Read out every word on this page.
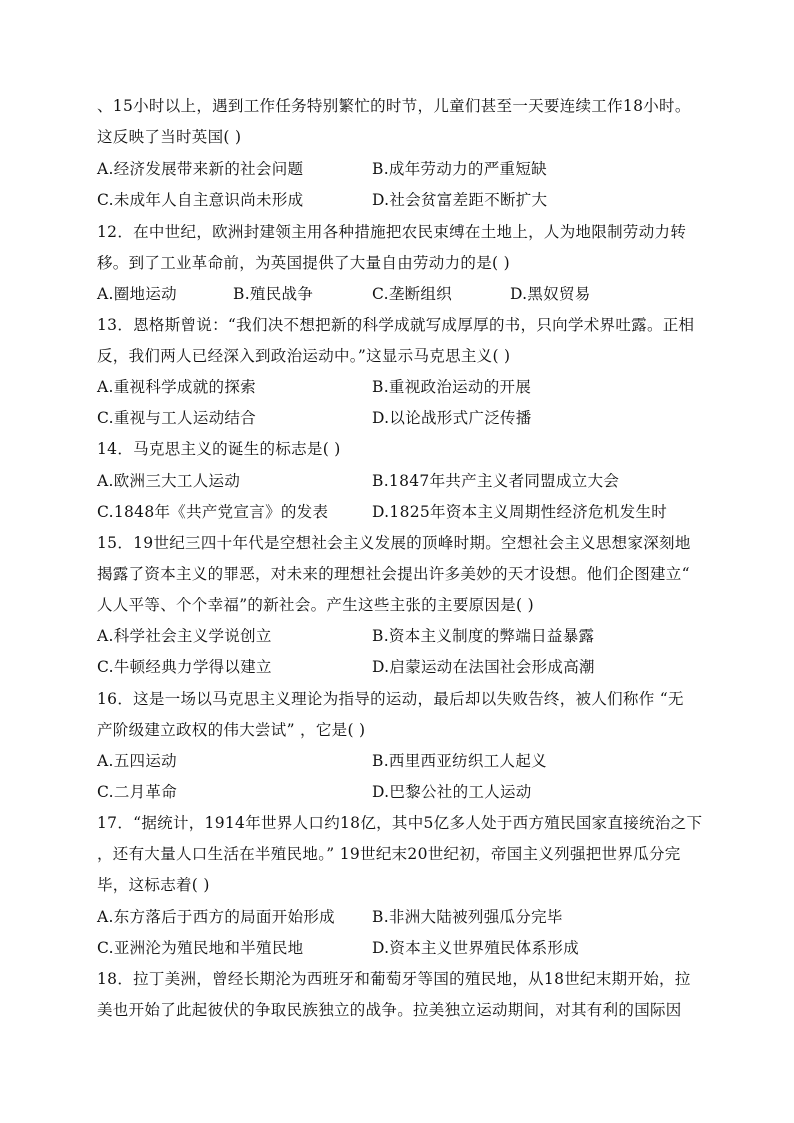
、15小时以上，遇到工作任务特别繁忙的时节，儿童们甚至一天要连续工作18小时。
这反映了当时英国( )
A.经济发展带来新的社会问题	B.成年劳动力的严重短缺
C.未成年人自主意识尚未形成	D.社会贫富差距不断扩大
12．在中世纪，欧洲封建领主用各种措施把农民束缚在土地上，人为地限制劳动力转
移。到了工业革命前，为英国提供了大量自由劳动力的是( )
A.圈地运动	B.殖民战争	C.垄断组织	D.黑奴贸易
13．恩格斯曾说：“我们决不想把新的科学成就写成厚厚的书，只向学术界吐露。正相
反，我们两人已经深入到政治运动中。”这显示马克思主义( )
A.重视科学成就的探索	B.重视政治运动的开展
C.重视与工人运动结合	D.以论战形式广泛传播
14．马克思主义的诞生的标志是( )
A.欧洲三大工人运动	B.1847年共产主义者同盟成立大会
C.1848年《共产党宣言》的发表	D.1825年资本主义周期性经济危机发生时
15．19世纪三四十年代是空想社会主义发展的顶峰时期。空想社会主义思想家深刻地
揭露了资本主义的罪恶，对未来的理想社会提出许多美妙的天才设想。他们企图建立“
人人平等、个个幸福”的新社会。产生这些主张的主要原因是( )
A.科学社会主义学说创立	B.资本主义制度的弊端日益暴露
C.牛顿经典力学得以建立	D.启蒙运动在法国社会形成高潮
16．这是一场以马克思主义理论为指导的运动，最后却以失败告终，被人们称作 “无
产阶级建立政权的伟大尝试” ，它是( )
A.五四运动	B.西里西亚纺织工人起义
C.二月革命	D.巴黎公社的工人运动
17．“据统计，1914年世界人口约18亿，其中5亿多人处于西方殖民国家直接统治之下
，还有大量人口生活在半殖民地。” 19世纪末20世纪初，帝国主义列强把世界瓜分完
毕，这标志着( )
A.东方落后于西方的局面开始形成 B.非洲大陆被列强瓜分完毕
C.亚洲沦为殖民地和半殖民地	D.资本主义世界殖民体系形成
18．拉丁美洲，曾经长期沦为西班牙和葡萄牙等国的殖民地，从18世纪末期开始，拉
美也开始了此起彼伏的争取民族独立的战争。拉美独立运动期间，对其有利的国际因
